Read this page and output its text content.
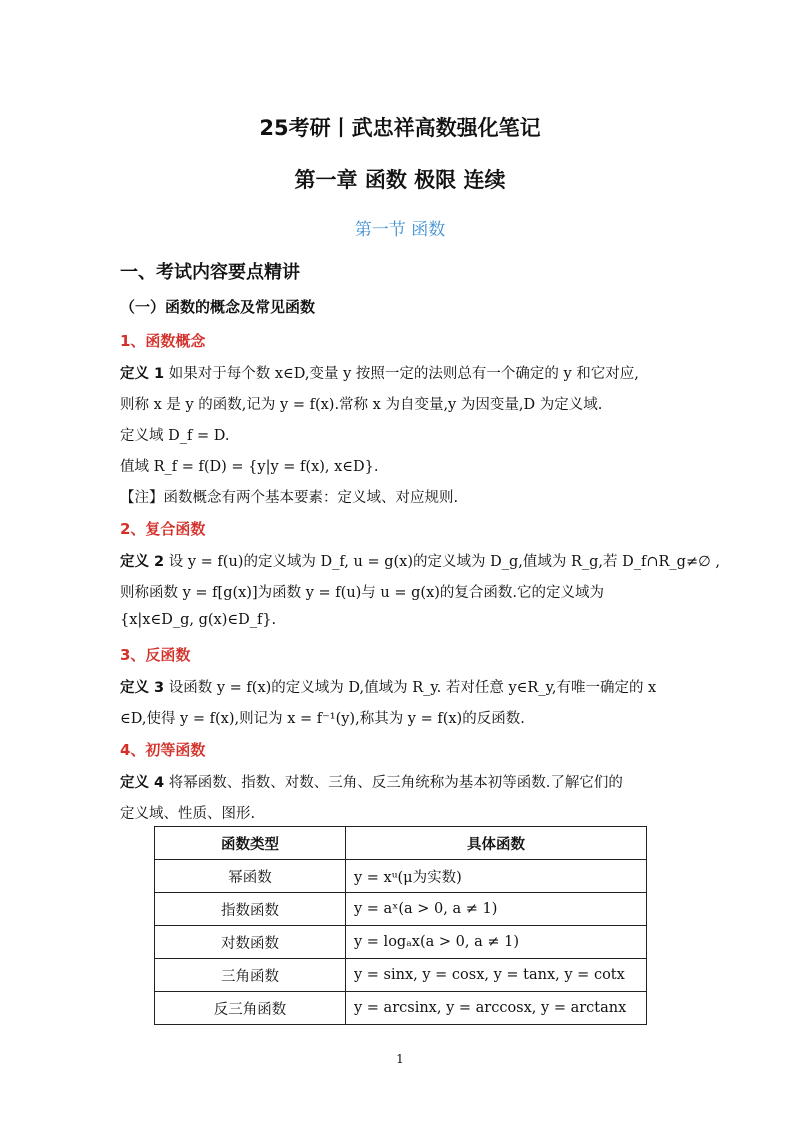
25考研丨武忠祥高数强化笔记
第一章 函数 极限 连续
第一节 函数
一、考试内容要点精讲
（一）函数的概念及常见函数
1、函数概念
定义 1 如果对于每个数 x∈D,变量 y 按照一定的法则总有一个确定的 y 和它对应,
则称 x 是 y 的函数,记为 y = f(x).常称 x 为自变量,y 为因变量,D 为定义域.
定义域 D_f = D.
值域 R_f = f(D) = {y|y = f(x), x∈D}.
【注】函数概念有两个基本要素：定义域、对应规则.
2、复合函数
定义 2 设 y = f(u)的定义域为 D_f, u = g(x)的定义域为 D_g,值域为 R_g,若 D_f∩R_g≠∅ ,
则称函数 y = f[g(x)]为函数 y = f(u)与 u = g(x)的复合函数.它的定义域为
{x|x∈D_g, g(x)∈D_f}.
3、反函数
定义 3 设函数 y = f(x)的定义域为 D,值域为 R_y. 若对任意 y∈R_y,有唯一确定的 x
∈D,使得 y = f(x),则记为 x = f⁻¹(y),称其为 y = f(x)的反函数.
4、初等函数
定义 4 将幂函数、指数、对数、三角、反三角统称为基本初等函数.了解它们的
定义域、性质、图形.
函数类型	具体函数
幂函数	y = xᵘ(μ为实数)
指数函数	y = aˣ(a > 0, a ≠ 1)
对数函数	y = logₐx(a > 0, a ≠ 1)
三角函数	y = sinx, y = cosx, y = tanx, y = cotx
反三角函数	y = arcsinx, y = arccosx, y = arctanx
1
